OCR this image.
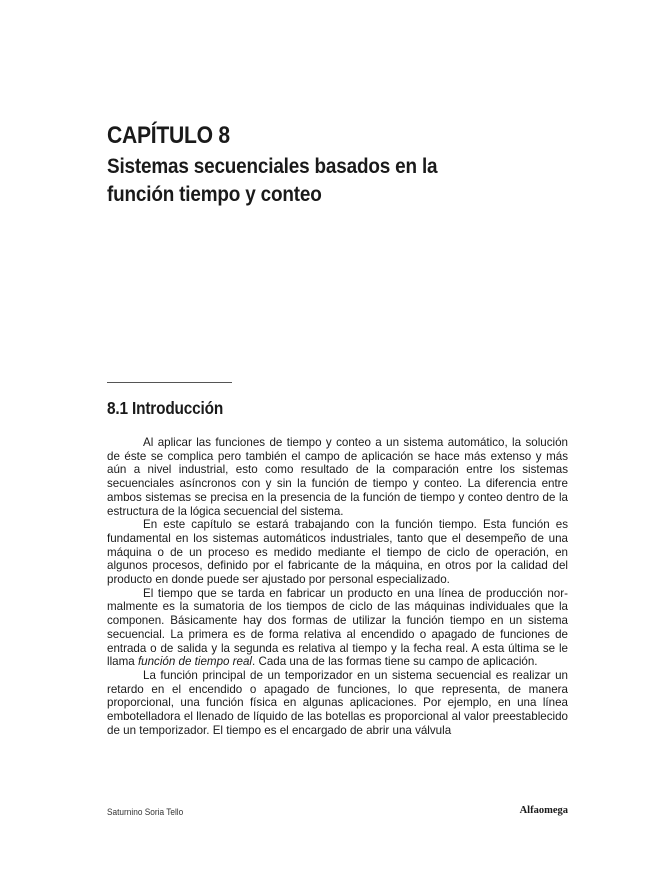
CAPÍTULO 8
Sistemas secuenciales basados en la
función tiempo y conteo
8.1 Introducción

Al aplicar las funciones de tiempo y conteo a un sistema automático, la solución de éste se complica pero también el campo de aplicación se hace más extenso y más aún a nivel industrial, esto como resultado de la comparación entre los sistemas secuenciales asíncronos con y sin la función de tiempo y conteo. La diferencia entre ambos sistemas se precisa en la presencia de la función de tiempo y conteo dentro de la estructura de la lógica secuencial del sistema.

En este capítulo se estará trabajando con la función tiempo. Esta función es fundamental en los sistemas automáticos industriales, tanto que el desempeño de una máquina o de un proceso es medido mediante el tiempo de ciclo de operación, en algunos procesos, definido por el fabricante de la máquina, en otros por la calidad del producto en donde puede ser ajustado por personal especializado.

El tiempo que se tarda en fabricar un producto en una línea de producción normalmente es la sumatoria de los tiempos de ciclo de las máquinas individuales que la componen. Básicamente hay dos formas de utilizar la función tiempo en un sistema secuencial. La primera es de forma relativa al encendido o apagado de funciones de entrada o de salida y la segunda es relativa al tiempo y la fecha real. A esta última se le llama función de tiempo real. Cada una de las formas tiene su campo de aplicación.

La función principal de un temporizador en un sistema secuencial es realizar un retardo en el encendido o apagado de funciones, lo que representa, de manera proporcional, una función física en algunas aplicaciones. Por ejemplo, en una línea embotelladora el llenado de líquido de las botellas es proporcional al valor preestablecido de un temporizador. El tiempo es el encargado de abrir una válvula

Saturnino Soria Tello	Alfaomega
